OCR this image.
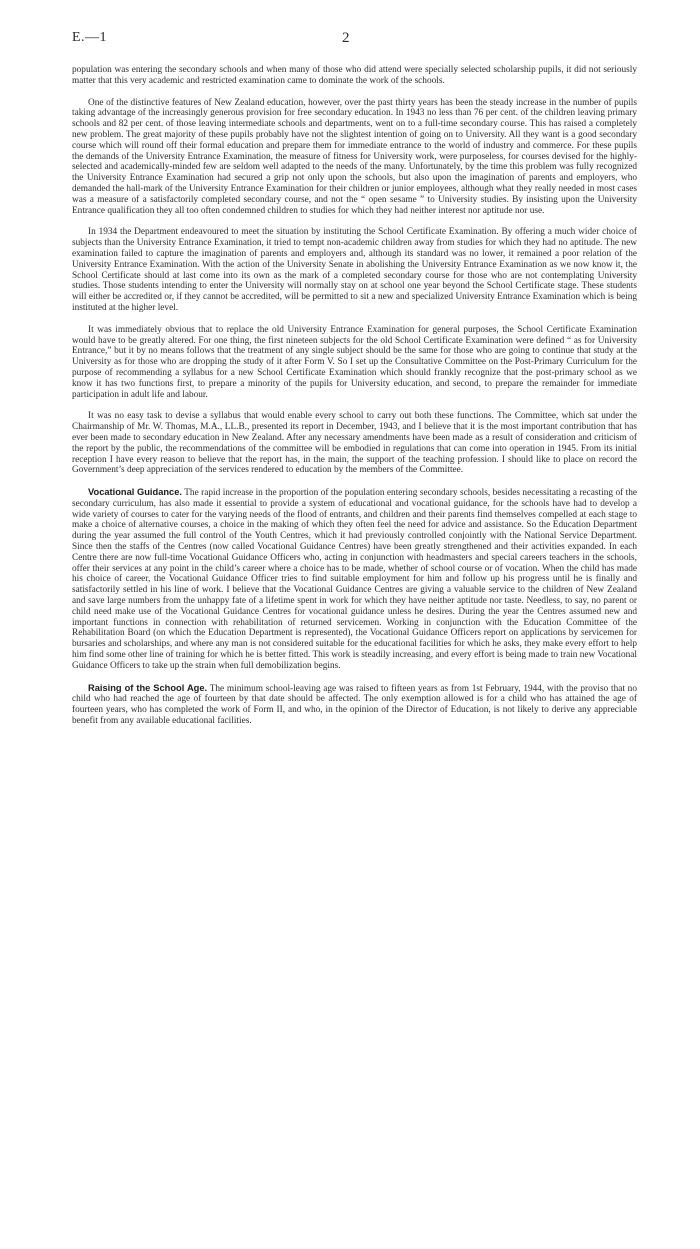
E.—1	2

population was entering the secondary schools and when many of those who did attend were specially selected scholarship pupils, it did not seriously matter that this very academic and restricted examination came to dominate the work of the schools.

One of the distinctive features of New Zealand education, however, over the past thirty years has been the steady increase in the number of pupils taking advantage of the increasingly generous provision for free secondary education. In 1943 no less than 76 per cent. of the children leaving primary schools and 82 per cent. of those leaving intermediate schools and departments, went on to a full-time secondary course. This has raised a completely new problem. The great majority of these pupils probably have not the slightest intention of going on to University. All they want is a good secondary course which will round off their formal education and prepare them for immediate entrance to the world of industry and commerce. For these pupils the demands of the University Entrance Examination, the measure of fitness for University work, were purposeless, for courses devised for the highly-selected and academically-minded few are seldom well adapted to the needs of the many. Unfortunately, by the time this problem was fully recognized the University Entrance Examination had secured a grip not only upon the schools, but also upon the imagination of parents and employers, who demanded the hall-mark of the University Entrance Examination for their children or junior employees, although what they really needed in most cases was a measure of a satisfactorily completed secondary course, and not the “ open sesame ” to University studies. By insisting upon the University Entrance qualification they all too often condemned children to studies for which they had neither interest nor aptitude nor use.

In 1934 the Department endeavoured to meet the situation by instituting the School Certificate Examination. By offering a much wider choice of subjects than the University Entrance Examination, it tried to tempt non-academic children away from studies for which they had no aptitude. The new examination failed to capture the imagination of parents and employers and, although its standard was no lower, it remained a poor relation of the University Entrance Examination. With the action of the University Senate in abolishing the University Entrance Examination as we now know it, the School Certificate should at last come into its own as the mark of a completed secondary course for those who are not contemplating University studies. Those students intending to enter the University will normally stay on at school one year beyond the School Certificate stage. These students will either be accredited or, if they cannot be accredited, will be permitted to sit a new and specialized University Entrance Examination which is being instituted at the higher level.

It was immediately obvious that to replace the old University Entrance Examination for general purposes, the School Certificate Examination would have to be greatly altered. For one thing, the first nineteen subjects for the old School Certificate Examination were defined “ as for University Entrance,” but it by no means follows that the treatment of any single subject should be the same for those who are going to continue that study at the University as for those who are dropping the study of it after Form V. So I set up the Consultative Committee on the Post-Primary Curriculum for the purpose of recommending a syllabus for a new School Certificate Examination which should frankly recognize that the post-primary school as we know it has two functions first, to prepare a minority of the pupils for University education, and second, to prepare the remainder for immediate participation in adult life and labour.

It was no easy task to devise a syllabus that would enable every school to carry out both these functions. The Committee, which sat under the Chairmanship of Mr. W. Thomas, M.A., LL.B., presented its report in December, 1943, and I believe that it is the most important contribution that has ever been made to secondary education in New Zealand. After any necessary amendments have been made as a result of consideration and criticism of the report by the public, the recommendations of the committee will be embodied in regulations that can come into operation in 1945. From its initial reception I have every reason to believe that the report has, in the main, the support of the teaching profession. I should like to place on record the Government’s deep appreciation of the services rendered to education by the members of the Committee.

Vocational Guidance. The rapid increase in the proportion of the population entering secondary schools, besides necessitating a recasting of the secondary curriculum, has also made it essential to provide a system of educational and vocational guidance, for the schools have had to develop a wide variety of courses to cater for the varying needs of the flood of entrants, and children and their parents find themselves compelled at each stage to make a choice of alternative courses, a choice in the making of which they often feel the need for advice and assistance. So the Education Department during the year assumed the full control of the Youth Centres, which it had previously controlled conjointly with the National Service Department. Since then the staffs of the Centres (now called Vocational Guidance Centres) have been greatly strengthened and their activities expanded. In each Centre there are now full-time Vocational Guidance Officers who, acting in conjunction with headmasters and special careers teachers in the schools, offer their services at any point in the child’s career where a choice has to be made, whether of school course or of vocation. When the child has made his choice of career, the Vocational Guidance Officer tries to find suitable employment for him and follow up his progress until he is finally and satisfactorily settled in his line of work. I believe that the Vocational Guidance Centres are giving a valuable service to the children of New Zealand and save large numbers from the unhappy fate of a lifetime spent in work for which they have neither aptitude nor taste. Needless, to say, no parent or child need make use of the Vocational Guidance Centres for vocational guidance unless he desires. During the year the Centres assumed new and important functions in connection with rehabilitation of returned servicemen. Working in conjunction with the Education Committee of the Rehabilitation Board (on which the Education Department is represented), the Vocational Guidance Officers report on applications by servicemen for bursaries and scholarships, and where any man is not considered suitable for the educational facilities for which he asks, they make every effort to help him find some other line of training for which he is better fitted. This work is steadily increasing, and every effort is being made to train new Vocational Guidance Officers to take up the strain when full demobilization begins.

Raising of the School Age. The minimum school-leaving age was raised to fifteen years as from 1st February, 1944, with the proviso that no child who had reached the age of fourteen by that date should be affected. The only exemption allowed is for a child who has attained the age of fourteen years, who has completed the work of Form II, and who, in the opinion of the Director of Education, is not likely to derive any appreciable benefit from any available educational facilities.
